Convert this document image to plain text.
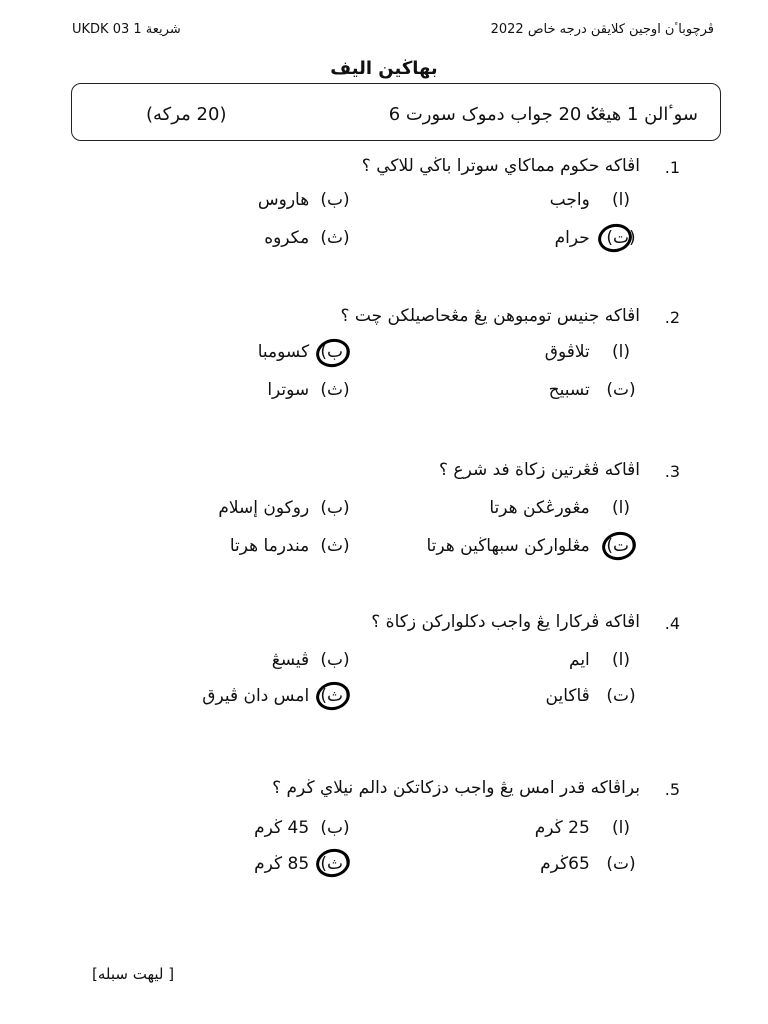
UKDK 03 1 شريعة	ڤرچوباٴن اوجين كلايقن درجه خاص 2022
بهاڬين اليف
سوٴالن 1 هيڠݢ 20 جواب دموک سورت 6
(20 مركه)
.1
اڤاكه حكوم مماكاي سوترا باڬي للاكي ؟
(ا)   واجب
(ب)  هاروس
(ت)   حرام
(ث)  مكروه
.2
اڤاكه جنيس تومبوهن يڠ مڠحاصيلكن چت ؟
(ا)   تلاڤوق
(ب)  كسومبا
(ت)   تسبيح
(ث)  سوترا
.3
اڤاكه ڤڠرتين زكاة فد شرع ؟
(ا)   مڠورڠكن هرتا
(ب)  روكون إسلام
(ت)   مڠلواركن سبهاڬين هرتا
(ث)  مندرما هرتا
.4
اڤاكه ڤركارا يڠ واجب دكلواركن زكاة ؟
(ا)   ايم
(ب)  ڤيسڠ
(ت)   ڤاكاين
(ث)  امس دان ڤيرق
.5
براڤاكه قدر امس يڠ واجب دزكاتكن دالم نيلاي ڬرم ؟
(ا)   25 ڬرم
(ب)  45 ڬرم
(ت)   65ڬرم
(ث)  85 ڬرم
[ ليهت سبله]
